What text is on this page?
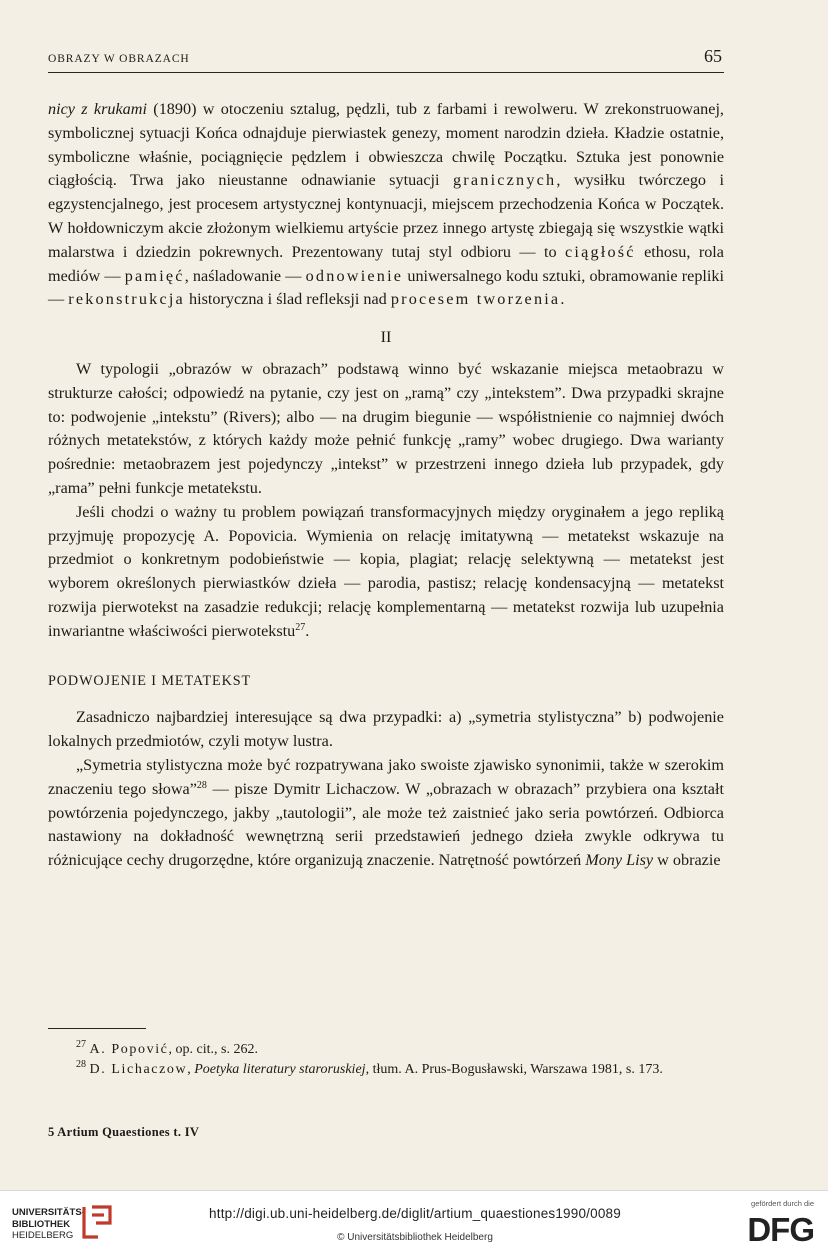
OBRAZY W OBRAZACH	65

nicy z krukami (1890) w otoczeniu sztalug, pędzli, tub z farbami i rewolweru. W zrekonstruowanej, symbolicznej sytuacji Końca odnajduje pierwiastek genezy, moment narodzin dzieła. Kładzie ostatnie, symboliczne właśnie, pociągnięcie pędzlem i obwieszcza chwilę Początku. Sztuka jest ponownie ciągłością. Trwa jako nieustanne odnawianie sytuacji granicznych, wysiłku twórczego i egzystencjalnego, jest procesem artystycznej kontynuacji, miejscem przechodzenia Końca w Początek. W hołdowniczym akcie złożonym wielkiemu artyście przez innego artystę zbiegają się wszystkie wątki malarstwa i dziedzin pokrewnych. Prezentowany tutaj styl odbioru — to ciągłość ethosu, rola mediów — pamięć, naśladowanie — odnowienie uniwersalnego kodu sztuki, obramowanie repliki — rekonstrukcja historyczna i ślad refleksji nad procesem tworzenia.

II

W typologii „obrazów w obrazach” podstawą winno być wskazanie miejsca metaobrazu w strukturze całości; odpowiedź na pytanie, czy jest on „ramą” czy „intekstem”. Dwa przypadki skrajne to: podwojenie „intekstu” (Rivers); albo — na drugim biegunie — współistnienie co najmniej dwóch różnych metatekstów, z których każdy może pełnić funkcję „ramy” wobec drugiego. Dwa warianty pośrednie: metaobrazem jest pojedynczy „intekst” w przestrzeni innego dzieła lub przypadek, gdy „rama” pełni funkcje metatekstu.

Jeśli chodzi o ważny tu problem powiązań transformacyjnych między oryginałem a jego repliką przyjmuję propozycję A. Popovicia. Wymienia on relację imitatywną — metatekst wskazuje na przedmiot o konkretnym podobieństwie — kopia, plagiat; relację selektywną — metatekst jest wyborem określonych pierwiastków dzieła — parodia, pastisz; relację kondensacyjną — metatekst rozwija pierwotekst na zasadzie redukcji; relację komplementarną — metatekst rozwija lub uzupełnia inwariantne właściwości pierwotekstu$^{27}$.

PODWOJENIE I METATEKST

Zasadniczo najbardziej interesujące są dwa przypadki: a) „symetria stylistyczna” b) podwojenie lokalnych przedmiotów, czyli motyw lustra.

„Symetria stylistyczna może być rozpatrywana jako swoiste zjawisko synonimii, także w szerokim znaczeniu tego słowa”$^{28}$ — pisze Dymitr Lichaczow. W „obrazach w obrazach” przybiera ona kształt powtórzenia pojedynczego, jakby „tautologii”, ale może też zaistnieć jako seria powtórzeń. Odbiorca nastawiony na dokładność wewnętrzną serii przedstawień jednego dzieła zwykle odkrywa tu różnicujące cechy drugorzędne, które organizują znaczenie. Natrętność powtórzeń Mony Lisy w obrazie

$^{27}$ A. Popović, op. cit., s. 262.

$^{28}$ D. Lichaczow, Poetyka literatury staroruskiej, tłum. A. Prus-Bogusławski, Warszawa 1981, s. 173.

5 Artium Quaestiones t. IV
UNIVERSITÄTS-
BIBLIOTHEK
HEIDELBERG
http://digi.ub.uni-heidelberg.de/diglit/artium_quaestiones1990/0089
© Universitätsbibliothek Heidelberg
gefördert durch die
DFG
